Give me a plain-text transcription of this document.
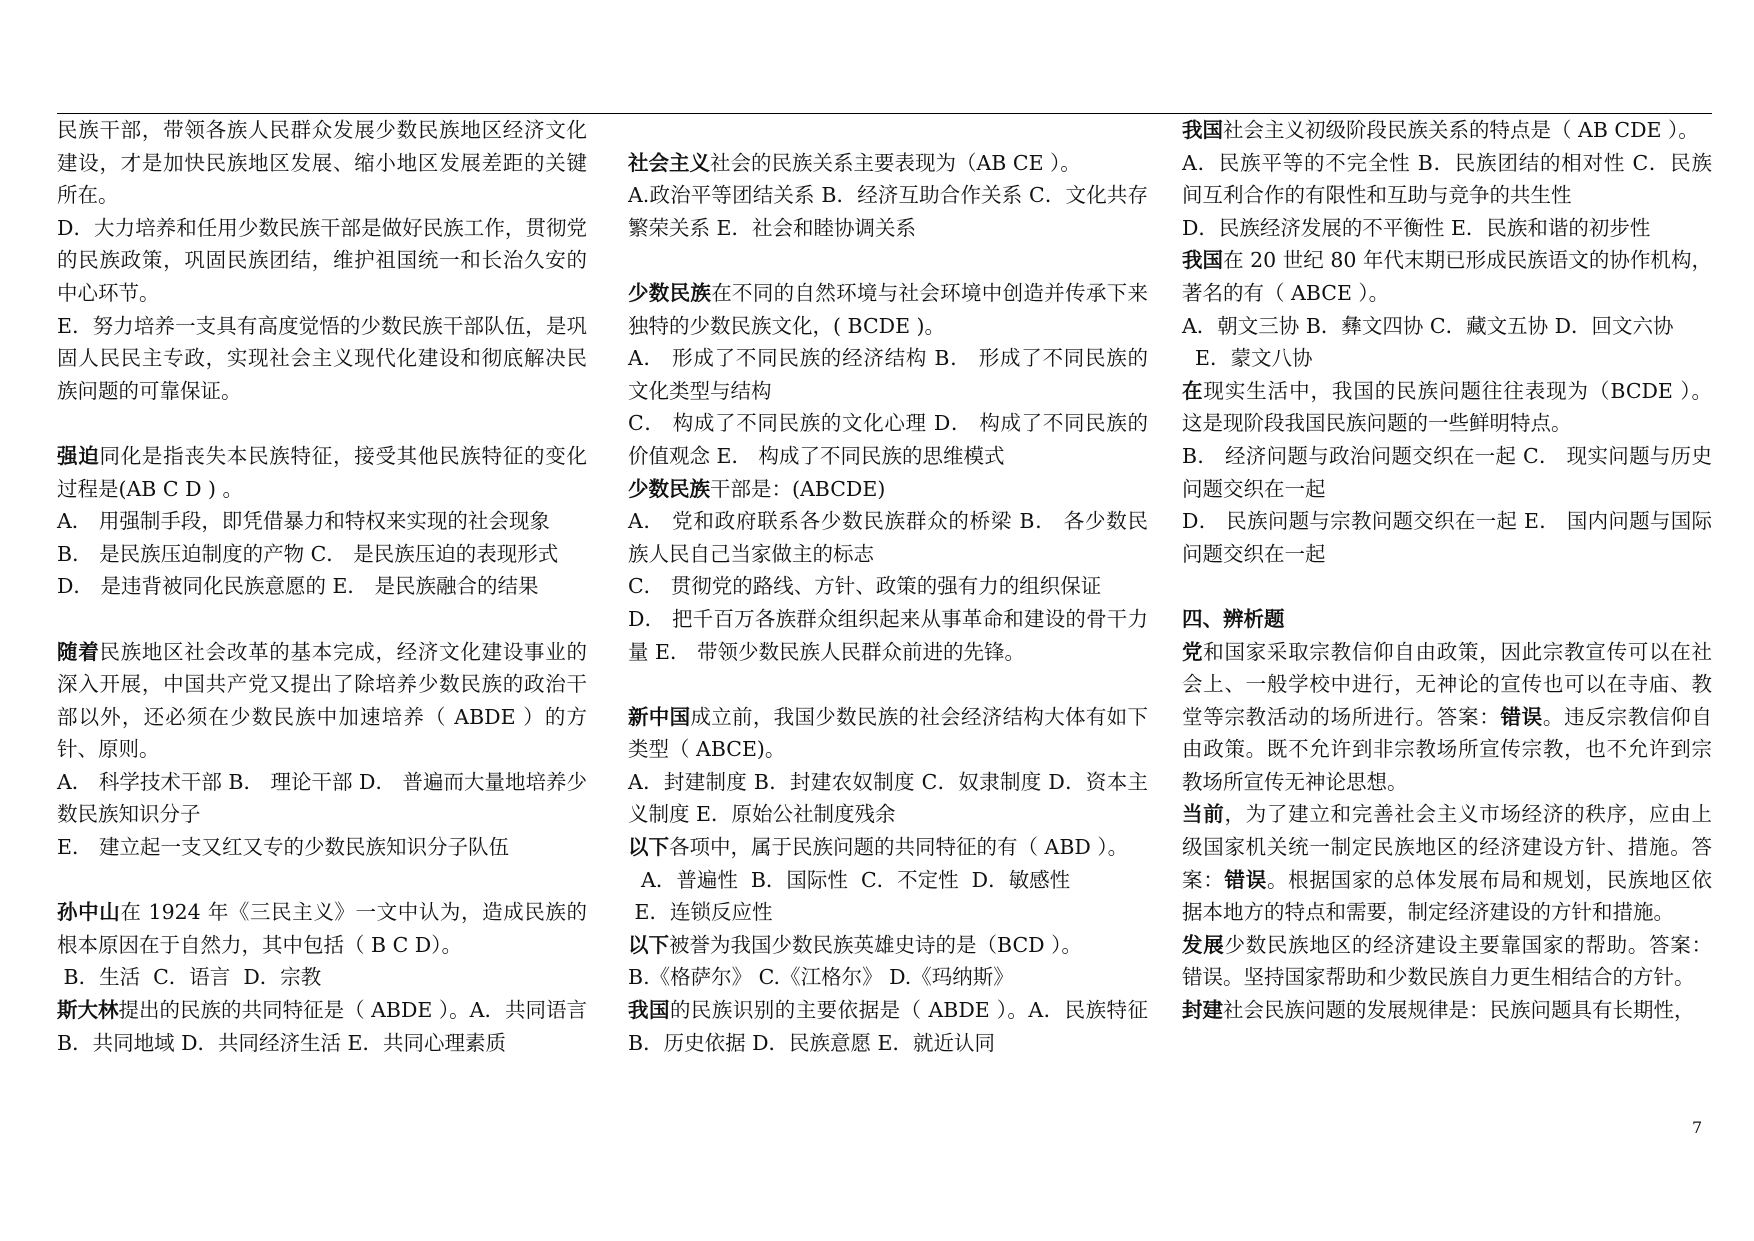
民族干部，带领各族人民群众发展少数民族地区经济文化建设，才是加快民族地区发展、缩小地区发展差距的关键所在。

D．大力培养和任用少数民族干部是做好民族工作，贯彻党的民族政策，巩固民族团结，维护祖国统一和长治久安的中心环节。

E．努力培养一支具有高度觉悟的少数民族干部队伍，是巩固人民民主专政，实现社会主义现代化建设和彻底解决民族问题的可靠保证。

强迫同化是指丧失本民族特征，接受其他民族特征的变化过程是(AB C D ) 。

A． 用强制手段，即凭借暴力和特权来实现的社会现象

B． 是民族压迫制度的产物 C． 是民族压迫的表现形式

D． 是违背被同化民族意愿的 E． 是民族融合的结果

随着民族地区社会改革的基本完成，经济文化建设事业的深入开展，中国共产党又提出了除培养少数民族的政治干部以外，还必须在少数民族中加速培养（ ABDE ）的方针、原则。

A． 科学技术干部 B． 理论干部 D． 普遍而大量地培养少数民族知识分子

E． 建立起一支又红又专的少数民族知识分子队伍

孙中山在 1924 年《三民主义》一文中认为，造成民族的根本原因在于自然力，其中包括（ B C D）。

B．生活  C．语言  D．宗教

斯大林提出的民族的共同特征是（ ABDE ）。A．共同语言 B．共同地域 D．共同经济生活 E．共同心理素质

社会主义社会的民族关系主要表现为（AB CE ）。

A.政治平等团结关系 B．经济互助合作关系 C．文化共存繁荣关系 E．社会和睦协调关系

少数民族在不同的自然环境与社会环境中创造并传承下来独特的少数民族文化，( BCDE )。

A． 形成了不同民族的经济结构 B． 形成了不同民族的文化类型与结构

C． 构成了不同民族的文化心理 D． 构成了不同民族的价值观念 E． 构成了不同民族的思维模式

少数民族干部是：(ABCDE)

A． 党和政府联系各少数民族群众的桥梁 B． 各少数民族人民自己当家做主的标志

C． 贯彻党的路线、方针、政策的强有力的组织保证

D． 把千百万各族群众组织起来从事革命和建设的骨干力量 E． 带领少数民族人民群众前进的先锋。

新中国成立前，我国少数民族的社会经济结构大体有如下类型（ ABCE)。

A．封建制度 B．封建农奴制度 C．奴隶制度 D．资本主义制度 E．原始公社制度残余

以下各项中，属于民族问题的共同特征的有（ ABD ）。

A．普遍性  B．国际性  C．不定性  D．敏感性

E．连锁反应性

以下被誉为我国少数民族英雄史诗的是（BCD ）。

B.《格萨尔》 C.《江格尔》 D.《玛纳斯》

我国的民族识别的主要依据是（ ABDE ）。A．民族特征 B．历史依据 D．民族意愿 E．就近认同

我国社会主义初级阶段民族关系的特点是（ AB CDE ）。

A．民族平等的不完全性 B．民族团结的相对性 C．民族间互利合作的有限性和互助与竞争的共生性

D．民族经济发展的不平衡性 E．民族和谐的初步性

我国在 20 世纪 80 年代末期已形成民族语文的协作机构，著名的有（ ABCE ）。

A．朝文三协 B．彝文四协 C．藏文五协 D．回文六协

E．蒙文八协

在现实生活中，我国的民族问题往往表现为（BCDE ）。这是现阶段我国民族问题的一些鲜明特点。

B． 经济问题与政治问题交织在一起 C． 现实问题与历史问题交织在一起

D． 民族问题与宗教问题交织在一起 E． 国内问题与国际问题交织在一起

四、辨析题

党和国家采取宗教信仰自由政策，因此宗教宣传可以在社会上、一般学校中进行，无神论的宣传也可以在寺庙、教堂等宗教活动的场所进行。答案：错误。违反宗教信仰自由政策。既不允许到非宗教场所宣传宗教，也不允许到宗教场所宣传无神论思想。

当前，为了建立和完善社会主义市场经济的秩序，应由上级国家机关统一制定民族地区的经济建设方针、措施。答案：错误。根据国家的总体发展布局和规划，民族地区依据本地方的特点和需要，制定经济建设的方针和措施。

发展少数民族地区的经济建设主要靠国家的帮助。答案：错误。坚持国家帮助和少数民族自力更生相结合的方针。

封建社会民族问题的发展规律是：民族问题具有长期性，

7
